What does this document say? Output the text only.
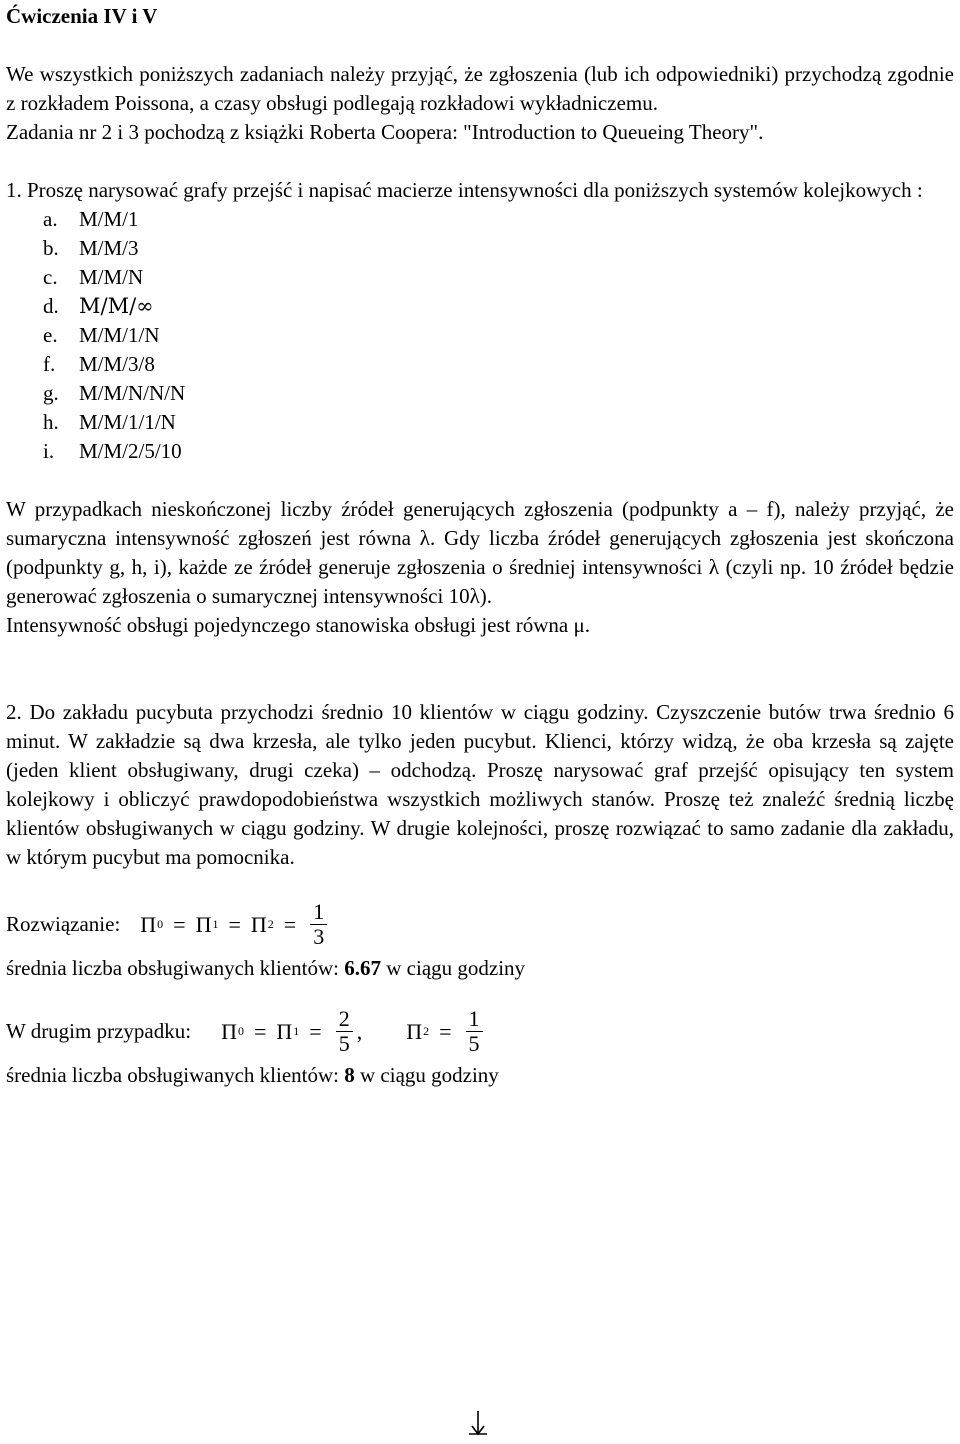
Ćwiczenia IV i V

We wszystkich poniższych zadaniach należy przyjąć, że zgłoszenia (lub ich odpowiedniki) przychodzą zgodnie z rozkładem Poissona, a czasy obsługi podlegają rozkładowi wykładniczemu.

Zadania nr 2 i 3 pochodzą z książki Roberta Coopera: "Introduction to Queueing Theory".

1. Proszę narysować grafy przejść i napisać macierze intensywności dla poniższych systemów kolejkowych :

a. M/M/1
b. M/M/3
c. M/M/N
d. M/M/∞
e. M/M/1/N
f. M/M/3/8
g. M/M/N/N/N
h. M/M/1/1/N
i. M/M/2/5/10

W przypadkach nieskończonej liczby źródeł generujących zgłoszenia (podpunkty a – f), należy przyjąć, że sumaryczna intensywność zgłoszeń jest równa λ. Gdy liczba źródeł generujących zgłoszenia jest skończona (podpunkty g, h, i), każde ze źródeł generuje zgłoszenia o średniej intensywności λ (czyli np. 10 źródeł będzie generować zgłoszenia o sumarycznej intensywności 10λ).

Intensywność obsługi pojedynczego stanowiska obsługi jest równa μ.

2. Do zakładu pucybuta przychodzi średnio 10 klientów w ciągu godziny. Czyszczenie butów trwa średnio 6 minut. W zakładzie są dwa krzesła, ale tylko jeden pucybut. Klienci, którzy widzą, że oba krzesła są zajęte (jeden klient obsługiwany, drugi czeka) – odchodzą. Proszę narysować graf przejść opisujący ten system kolejkowy i obliczyć prawdopodobieństwa wszystkich możliwych stanów. Proszę też znaleźć średnią liczbę klientów obsługiwanych w ciągu godziny. W drugie kolejności, proszę rozwiązać to samo zadanie dla zakładu, w którym pucybut ma pomocnika.

Rozwiązanie: Π 0 = Π 1 = Π $2 = \frac{1}{3}$

średnia liczba obsługiwanych klientów: 6.67 w ciągu godziny

W drugim przypadku: Π 0 = Π $1 = \frac{2}{5}$ , Π $2 = \frac{1}{5}$

średnia liczba obsługiwanych klientów: 8 w ciągu godziny
